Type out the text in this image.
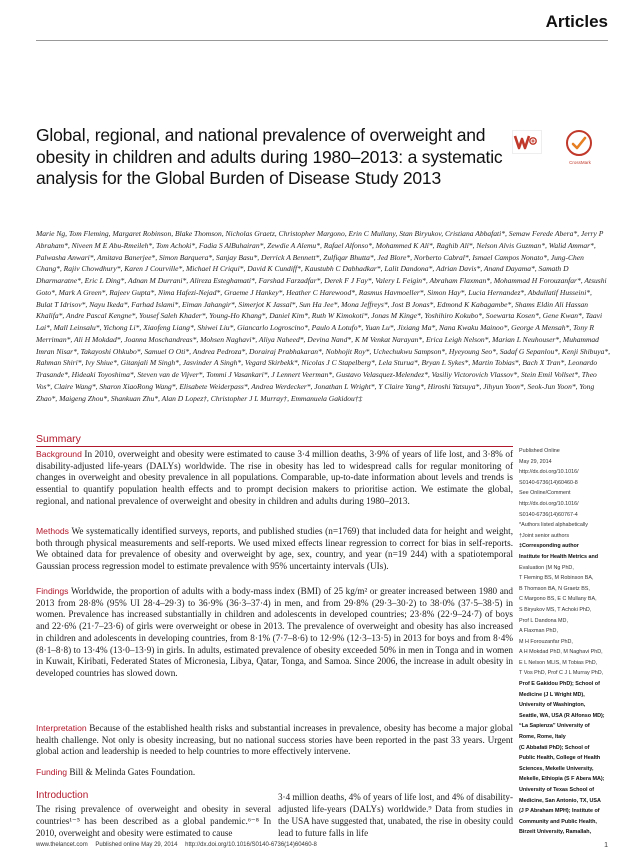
Articles
Global, regional, and national prevalence of overweight and obesity in children and adults during 1980–2013: a systematic analysis for the Global Burden of Disease Study 2013
CrossMark
Marie Ng, Tom Fleming, Margaret Robinson, Blake Thomson, Nicholas Graetz, Christopher Margono, Erin C Mullany, Stan Biryukov, Cristiana Abbafati*, Semaw Ferede Abera*, Jerry P Abraham*, Niveen M E Abu-Rmeileh*, Tom Achoki*, Fadia S AlBuhairan*, Zewdie A Alemu*, Rafael Alfonso*, Mohammed K Ali*, Raghib Ali*, Nelson Alvis Guzman*, Walid Ammar*, Palwasha Anwari*, Amitava Banerjee*, Simon Barquera*, Sanjay Basu*, Derrick A Bennett*, Zulfiqar Bhutta*, Jed Blore*, Norberto Cabral*, Ismael Campos Nonato*, Jung-Chen Chang*, Rajiv Chowdhury*, Karen J Courville*, Michael H Criqui*, David K Cundiff*, Kaustubh C Dabhadkar*, Lalit Dandona*, Adrian Davis*, Anand Dayama*, Samath D Dharmaratne*, Eric L Ding*, Adnan M Durrani*, Alireza Esteghamati*, Farshad Farzadfar*, Derek F J Fay*, Valery L Feigin*, Abraham Flaxman*, Mohammad H Forouzanfar*, Atsushi Goto*, Mark A Green*, Rajeev Gupta*, Nima Hafezi-Nejad*, Graeme J Hankey*, Heather C Harewood*, Rasmus Havmoeller*, Simon Hay*, Lucia Hernandez*, Abdullatif Husseini*, Bulat T Idrisov*, Nayu Ikeda*, Farhad Islami*, Eiman Jahangir*, Simerjot K Jassal*, Sun Ha Jee*, Mona Jeffreys*, Jost B Jonas*, Edmond K Kabagambe*, Shams Eldin Ali Hassan Khalifa*, Andre Pascal Kengne*, Yousef Saleh Khader*, Young-Ho Khang*, Daniel Kim*, Ruth W Kimokoti*, Jonas M Kinge*, Yoshihiro Kokubo*, Soewarta Kosen*, Gene Kwan*, Taavi Lai*, Mall Leinsalu*, Yichong Li*, Xiaofeng Liang*, Shiwei Liu*, Giancarlo Logroscino*, Paulo A Lotufo*, Yuan Lu*, Jixiang Ma*, Nana Kwaku Mainoo*, George A Mensah*, Tony R Merriman*, Ali H Mokdad*, Joanna Moschandreas*, Mohsen Naghavi*, Aliya Naheed*, Devina Nand*, K M Venkat Narayan*, Erica Leigh Nelson*, Marian L Neuhouser*, Muhammad Imran Nisar*, Takayoshi Ohkubo*, Samuel O Oti*, Andrea Pedroza*, Dorairaj Prabhakaran*, Nobhojit Roy*, Uchechukwu Sampson*, Hyeyoung Seo*, Sadaf G Sepanlou*, Kenji Shibuya*, Rahman Shiri*, Ivy Shiue*, Gitanjali M Singh*, Jasvinder A Singh*, Vegard Skirbekk*, Nicolas J C Stapelberg*, Lela Sturua*, Bryan L Sykes*, Martin Tobias*, Bach X Tran*, Leonardo Trasande*, Hideaki Toyoshima*, Steven van de Vijver*, Tommi J Vasankari*, J Lennert Veerman*, Gustavo Velasquez-Melendez*, Vasiliy Victorovich Vlassov*, Stein Emil Vollset*, Theo Vos*, Claire Wang*, Sharon XiaoRong Wang*, Elisabete Weiderpass*, Andrea Werdecker*, Jonathan L Wright*, Y Claire Yang*, Hiroshi Yatsuya*, Jihyun Yoon*, Seok-Jun Yoon*, Yong Zhao*, Maigeng Zhou*, Shankuan Zhu*, Alan D Lopez†, Christopher J L Murray†, Emmanuela Gakidou†‡
Summary

Background In 2010, overweight and obesity were estimated to cause 3·4 million deaths, 3·9% of years of life lost, and 3·8% of disability-adjusted life-years (DALYs) worldwide. The rise in obesity has led to widespread calls for regular monitoring of changes in overweight and obesity prevalence in all populations. Comparable, up-to-date information about levels and trends is essential to quantify population health effects and to prompt decision makers to prioritise action. We estimate the global, regional, and national prevalence of overweight and obesity in children and adults during 1980–2013.

Methods We systematically identified surveys, reports, and published studies (n=1769) that included data for height and weight, both through physical measurements and self-reports. We used mixed effects linear regression to correct for bias in self-reports. We obtained data for prevalence of obesity and overweight by age, sex, country, and year (n=19 244) with a spatiotemporal Gaussian process regression model to estimate prevalence with 95% uncertainty intervals (UIs).

Findings Worldwide, the proportion of adults with a body-mass index (BMI) of 25 kg/m² or greater increased between 1980 and 2013 from 28·8% (95% UI 28·4–29·3) to 36·9% (36·3–37·4) in men, and from 29·8% (29·3–30·2) to 38·0% (37·5–38·5) in women. Prevalence has increased substantially in children and adolescents in developed countries; 23·8% (22·9–24·7) of boys and 22·6% (21·7–23·6) of girls were overweight or obese in 2013. The prevalence of overweight and obesity has also increased in children and adolescents in developing countries, from 8·1% (7·7–8·6) to 12·9% (12·3–13·5) in 2013 for boys and from 8·4% (8·1–8·8) to 13·4% (13·0–13·9) in girls. In adults, estimated prevalence of obesity exceeded 50% in men in Tonga and in women in Kuwait, Kiribati, Federated States of Micronesia, Libya, Qatar, Tonga, and Samoa. Since 2006, the increase in adult obesity in developed countries has slowed down.

Interpretation Because of the established health risks and substantial increases in prevalence, obesity has become a major global health challenge. Not only is obesity increasing, but no national success stories have been reported in the past 33 years. Urgent global action and leadership is needed to help countries to more effectively intervene.

Funding Bill & Melinda Gates Foundation.

Introduction
The rising prevalence of overweight and obesity in several countries¹⁻⁵ has been described as a global pandemic.⁶⁻⁸ In 2010, overweight and obesity were estimated to cause
3·4 million deaths, 4% of years of life lost, and 4% of disability-adjusted life-years (DALYs) worldwide.⁹ Data from studies in the USA have suggested that, unabated, the rise in obesity could lead to future falls in life
Published Online
May 29, 2014
http://dx.doi.org/10.1016/
S0140-6736(14)60460-8
See Online/Comment
http://dx.doi.org/10.1016/
S0140-6736(14)60767-4
*Authors listed alphabetically
†Joint senior authors
‡Corresponding author
Institute for Health Metrics and
Evaluation (M Ng PhD,
T Fleming BS, M Robinson BA,
B Thomson BA, N Graetz BS,
C Margono BS, E C Mullany BA,
S Biryukov MS, T Achoki PhD,
Prof L Dandona MD,
A Flaxman PhD,
M H Forouzanfar PhD,
A H Mokdad PhD, M Naghavi PhD,
E L Nelson MLIS, M Tobias PhD,
T Vos PhD, Prof C J L Murray PhD,
Prof E Gakidou PhD); School of
Medicine (J L Wright MD),
University of Washington,
Seattle, WA, USA (R Alfonso MD);
“La Sapienza” University of
Rome, Rome, Italy
(C Abbafati PhD); School of
Public Health, College of Health
Sciences, Mekelle University,
Mekelle, Ethiopia (S F Abera MA);
University of Texas School of
Medicine, San Antonio, TX, USA
(J P Abraham MPH); Institute of
Community and Public Health,
Birzeit University, Ramallah,
www.thelancet.com Published online May 29, 2014 http://dx.doi.org/10.1016/S0140-6736(14)60460-8	1
